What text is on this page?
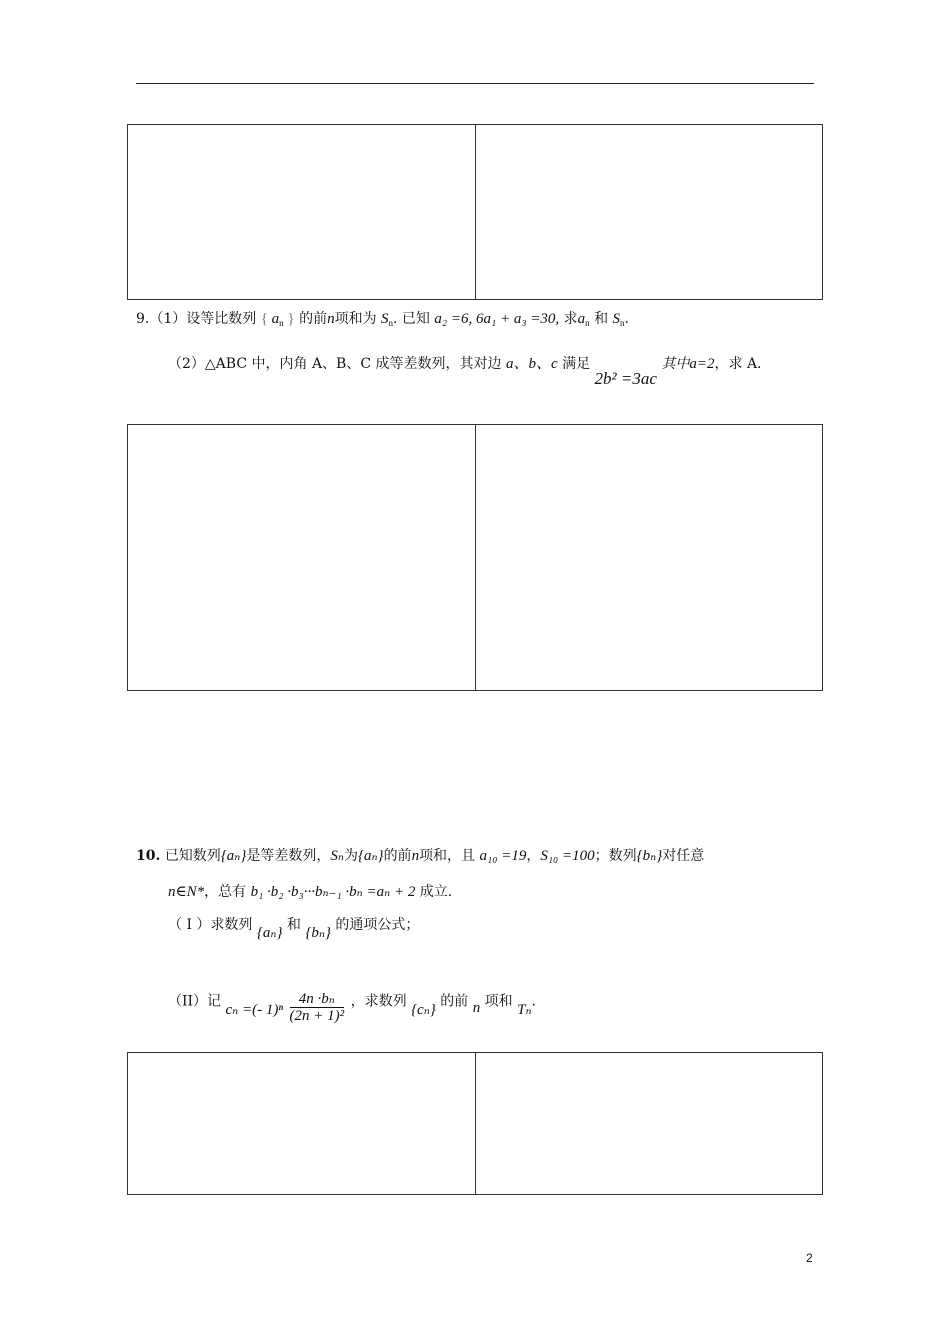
9.（1）设等比数列 { $a_n$ } 的前n项和为 $S_n$. 已知 a₂ =6, 6a₁ + a₃ =30, 求$a_n$ 和 $S_n$.
（2）△ABC 中，内角 A、B、C 成等差数列，其对边 a、b、c 满足 2b² =3ac 其中a=2，求 A.
10. 已知数列{aₙ}是等差数列，Sₙ为{aₙ}的前n项和，且 a₁₀ =19，S₁₀ =100；数列{bₙ}对任意
n∈N*，总有 b₁ ·b₂ ·b₃···bₙ₋₁ ·bₙ =aₙ + 2 成立.
（ I ）求数列 {aₙ} 和 {bₙ} 的通项公式；
（II）记 cₙ =(- $1)^n \frac{\text{4n ·bₙ}}{\text{(2n + 1)²}}$ ，求数列 {cₙ} 的前 n 项和 Tₙ.
2
